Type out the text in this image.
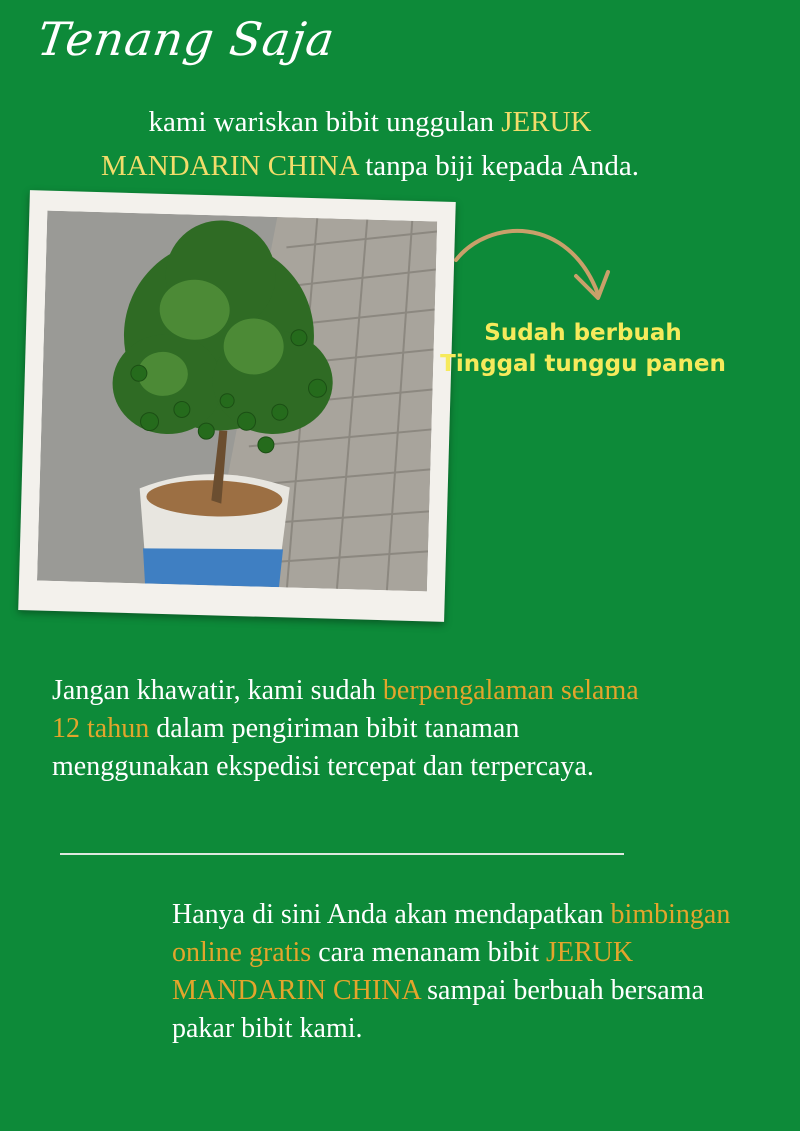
Tenang Saja

kami wariskan bibit unggulan JERUK
MANDARIN CHINA tanpa biji kepada Anda.

Sudah berbuah
Tinggal tunggu panen

Jangan khawatir, kami sudah berpengalaman selama 12 tahun dalam pengiriman bibit tanaman menggunakan ekspedisi tercepat dan terpercaya.

Hanya di sini Anda akan mendapatkan bimbingan online gratis cara menanam bibit JERUK MANDARIN CHINA sampai berbuah bersama pakar bibit kami.
